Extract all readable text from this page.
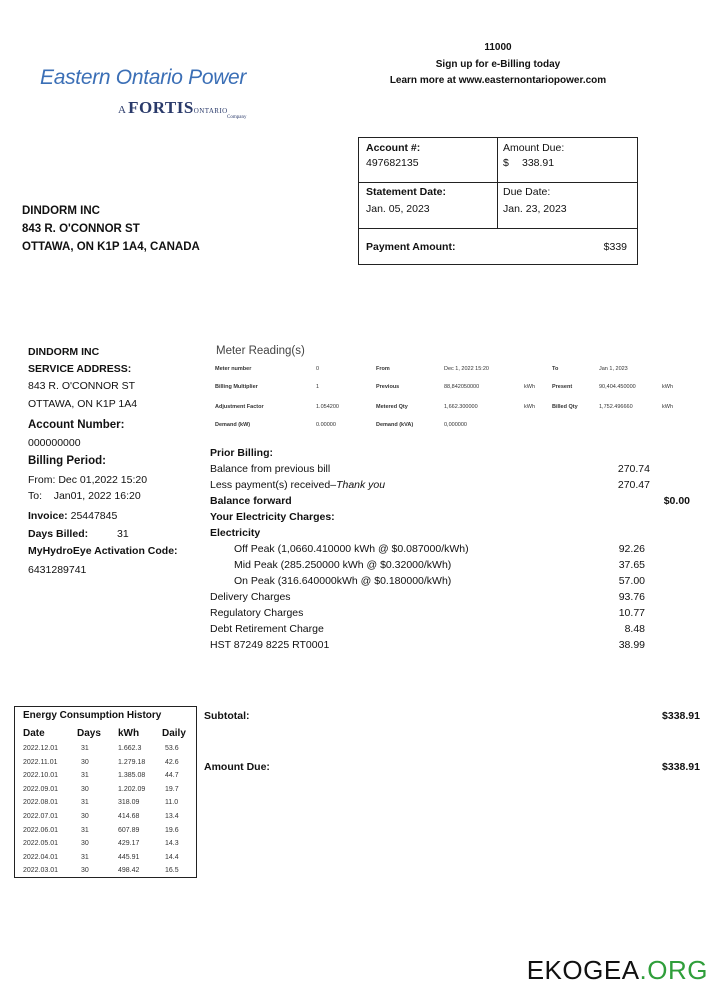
Eastern Ontario Power
A FORTISONTARIO
Company
11000
Sign up for e-Billing today
Learn more at www.easternontariopower.com
Account #:
497682135
Amount Due:
$ 338.91
Statement Date:
Jan. 05, 2023
Due Date:
Jan. 23, 2023
Payment Amount:	$339
DINDORM INC
843 R. O'CONNOR ST
OTTAWA, ON K1P 1A4, CANADA
DINDORM INC
SERVICE ADDRESS:
843 R. O'CONNOR ST
OTTAWA, ON K1P 1A4
Account Number:
000000000
Billing Period:
From: Dec 01,2022 15:20
To: Jan01, 2022 16:20
Invoice: 25447845
Days Billed:	31
MyHydroEye Activation Code:
6431289741
Meter Reading(s)
Meter number	0	From	Dec 1, 2022 15:20	To	Jan 1, 2023
Billing Multiplier	1	Previous	88,842050000	kWh	Present	90,404.450000	kWh
Adjustment Factor	1.054200	Metered Qty	1,662.300000	kWh	Billed Qty	1,752.496660	kWh
Demand (kW)	0.00000	Demand (kVA)	0,000000
Prior Billing:
Balance from previous bill	270.74
Less payment(s) received–Thank you	270.47
Balance forward	$0.00
Your Electricity Charges:
Electricity
Off Peak (1,0660.410000 kWh @ $0.087000/kWh)	92.26
Mid Peak (285.250000 kWh @ $0.32000/kWh)	37.65
On Peak (316.640000kWh @ $0.180000/kWh)	57.00
Delivery Charges	93.76
Regulatory Charges	10.77
Debt Retirement Charge	8.48
HST 87249 8225 RT0001	38.99
Energy Consumption History
Date	Days kWh Daily
2022.12.01	31	1.662.3	53.6
2022.11.01	30	1.279.18	42.6
2022.10.01	31	1.385.08	44.7
2022.09.01	30	1.202.09	19.7
2022.08.01	31	318.09	11.0
2022.07.01	30	414.68	13.4
2022.06.01	31	607.89	19.6
2022.05.01	30	429.17	14.3
2022.04.01	31	445.91	14.4
2022.03.01	30	498.42	16.5
Subtotal:	$338.91
Amount Due:	$338.91
EKOGEA.ORG
